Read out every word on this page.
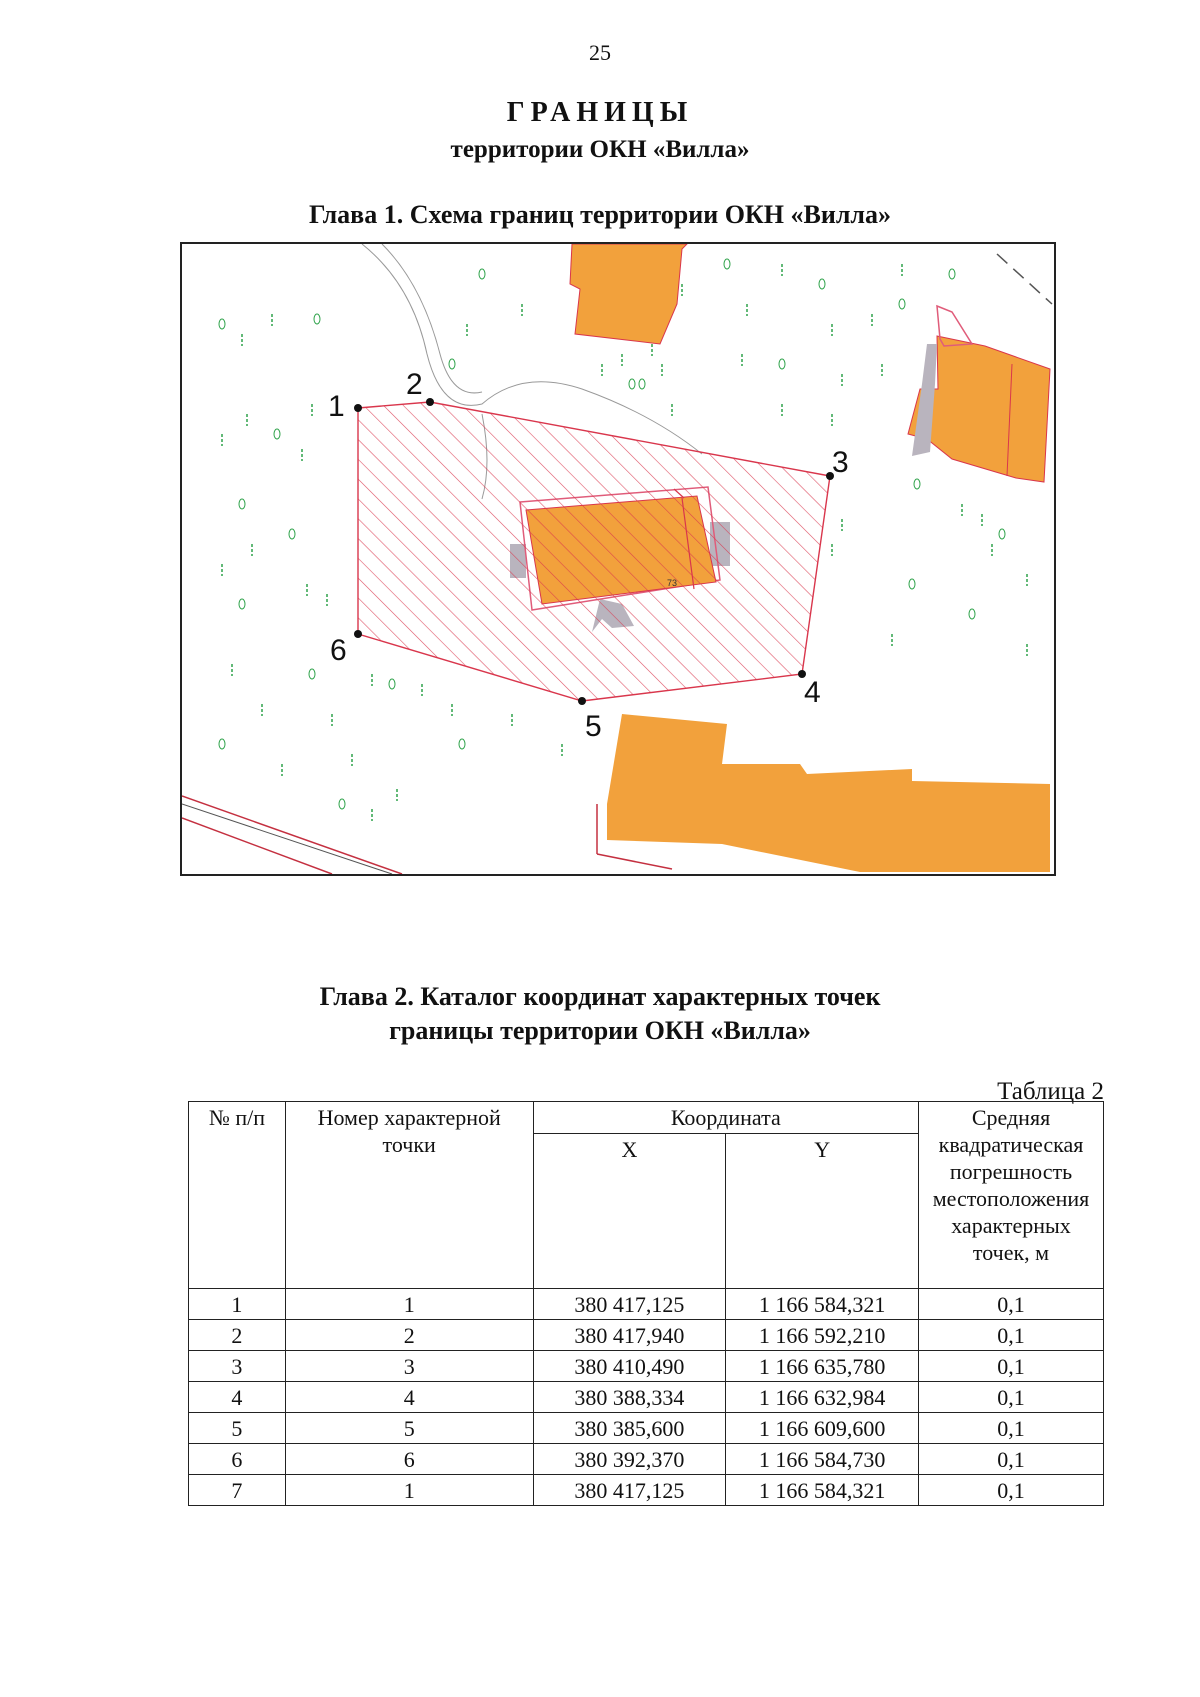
25
ГРАНИЦЫ
территории ОКН «Вилла»
Глава 1. Схема границ территории ОКН «Вилла»
1
2
3
4
5
6
Глава 2. Каталог координат характерных точек
границы территории ОКН «Вилла»
Таблица 2
№ п/п	Номер характерной точки	Координата		Средняя квадратическая погрешность местоположения характерных точек, м
		X	Y	
1	1	380 417,125	1 166 584,321	0,1
2	2	380 417,940	1 166 592,210	0,1
3	3	380 410,490	1 166 635,780	0,1
4	4	380 388,334	1 166 632,984	0,1
5	5	380 385,600	1 166 609,600	0,1
6	6	380 392,370	1 166 584,730	0,1
7	1	380 417,125	1 166 584,321	0,1
